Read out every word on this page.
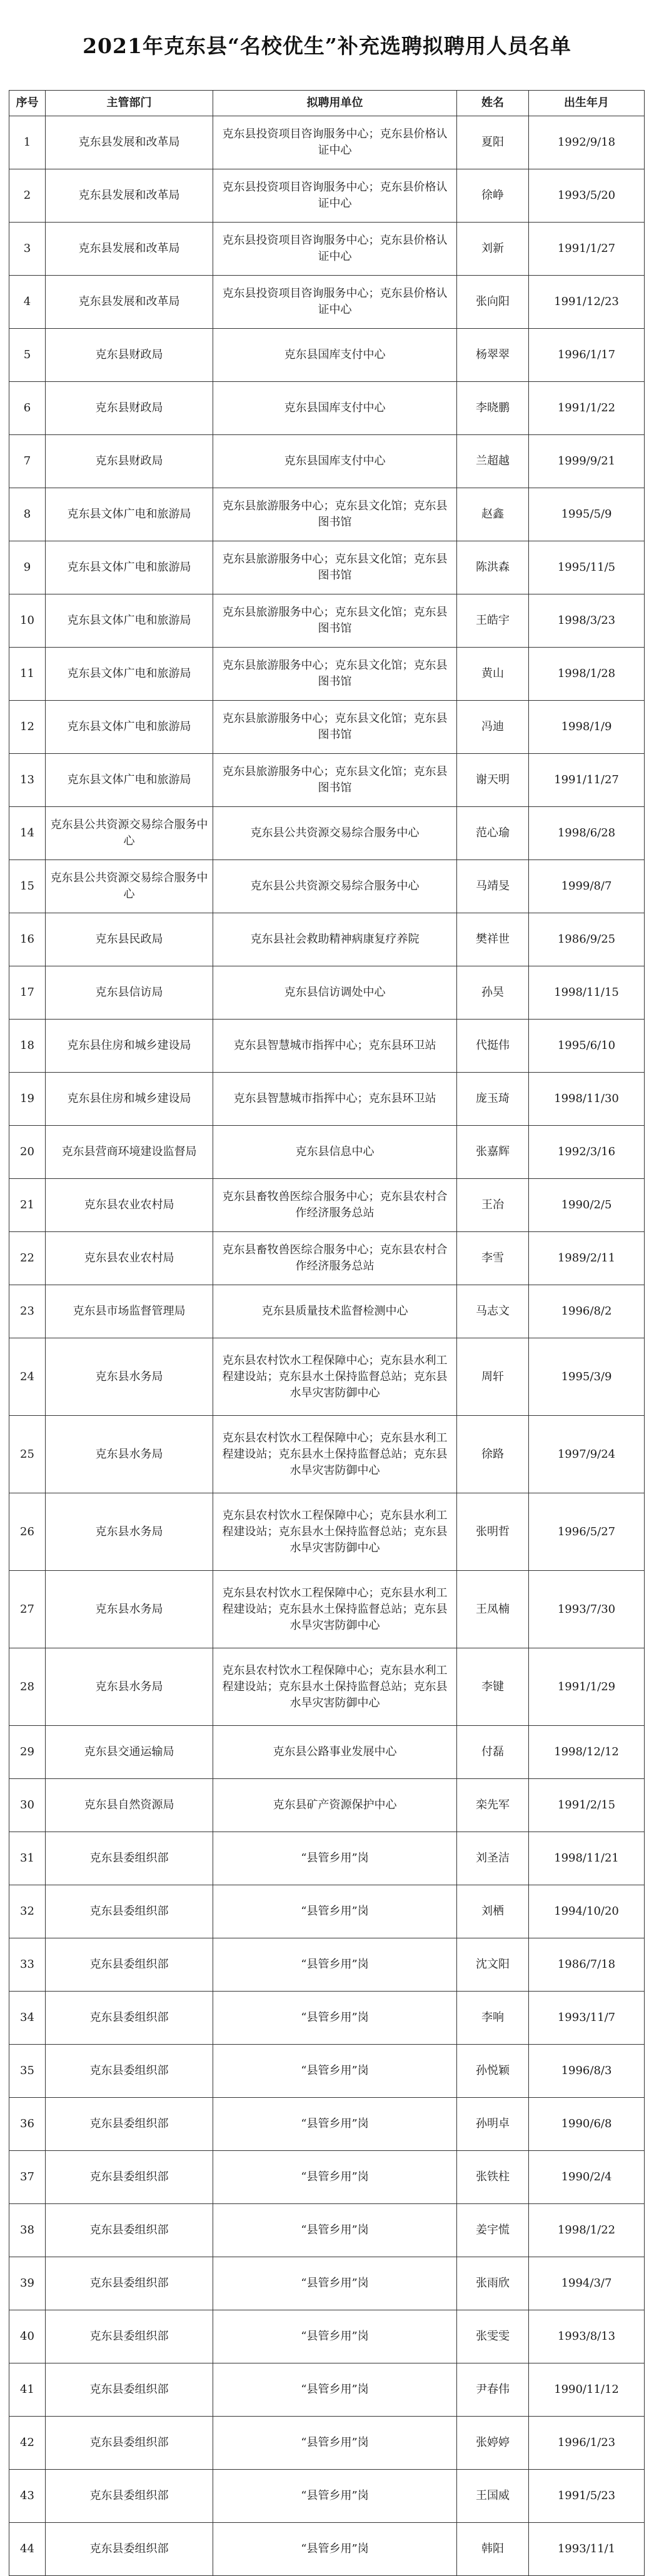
2021年克东县“名校优生”补充选聘拟聘用人员名单
序号	主管部门	拟聘用单位	姓名	出生年月
1	克东县发展和改革局	克东县投资项目咨询服务中心；克东县价格认证中心	夏阳	1992/9/18
2	克东县发展和改革局	克东县投资项目咨询服务中心；克东县价格认证中心	徐峥	1993/5/20
3	克东县发展和改革局	克东县投资项目咨询服务中心；克东县价格认证中心	刘新	1991/1/27
4	克东县发展和改革局	克东县投资项目咨询服务中心；克东县价格认证中心	张向阳	1991/12/23
5	克东县财政局	克东县国库支付中心	杨翠翠	1996/1/17
6	克东县财政局	克东县国库支付中心	李晓鹏	1991/1/22
7	克东县财政局	克东县国库支付中心	兰超越	1999/9/21
8	克东县文体广电和旅游局	克东县旅游服务中心；克东县文化馆；克东县图书馆	赵鑫	1995/5/9
9	克东县文体广电和旅游局	克东县旅游服务中心；克东县文化馆；克东县图书馆	陈洪森	1995/11/5
10	克东县文体广电和旅游局	克东县旅游服务中心；克东县文化馆；克东县图书馆	王皓宇	1998/3/23
11	克东县文体广电和旅游局	克东县旅游服务中心；克东县文化馆；克东县图书馆	黄山	1998/1/28
12	克东县文体广电和旅游局	克东县旅游服务中心；克东县文化馆；克东县图书馆	冯迪	1998/1/9
13	克东县文体广电和旅游局	克东县旅游服务中心；克东县文化馆；克东县图书馆	谢天明	1991/11/27
14	克东县公共资源交易综合服务中心	克东县公共资源交易综合服务中心	范心瑜	1998/6/28
15	克东县公共资源交易综合服务中心	克东县公共资源交易综合服务中心	马靖旻	1999/8/7
16	克东县民政局	克东县社会救助精神病康复疗养院	樊祥世	1986/9/25
17	克东县信访局	克东县信访调处中心	孙昊	1998/11/15
18	克东县住房和城乡建设局	克东县智慧城市指挥中心；克东县环卫站	代挺伟	1995/6/10
19	克东县住房和城乡建设局	克东县智慧城市指挥中心；克东县环卫站	庞玉琦	1998/11/30
20	克东县营商环境建设监督局	克东县信息中心	张嘉辉	1992/3/16
21	克东县农业农村局	克东县畜牧兽医综合服务中心；克东县农村合作经济服务总站	王冶	1990/2/5
22	克东县农业农村局	克东县畜牧兽医综合服务中心；克东县农村合作经济服务总站	李雪	1989/2/11
23	克东县市场监督管理局	克东县质量技术监督检测中心	马志文	1996/8/2
24	克东县水务局	克东县农村饮水工程保障中心；克东县水利工程建设站；克东县水土保持监督总站；克东县水旱灾害防御中心	周轩	1995/3/9
25	克东县水务局	克东县农村饮水工程保障中心；克东县水利工程建设站；克东县水土保持监督总站；克东县水旱灾害防御中心	徐路	1997/9/24
26	克东县水务局	克东县农村饮水工程保障中心；克东县水利工程建设站；克东县水土保持监督总站；克东县水旱灾害防御中心	张明哲	1996/5/27
27	克东县水务局	克东县农村饮水工程保障中心；克东县水利工程建设站；克东县水土保持监督总站；克东县水旱灾害防御中心	王凤楠	1993/7/30
28	克东县水务局	克东县农村饮水工程保障中心；克东县水利工程建设站；克东县水土保持监督总站；克东县水旱灾害防御中心	李键	1991/1/29
29	克东县交通运输局	克东县公路事业发展中心	付磊	1998/12/12
30	克东县自然资源局	克东县矿产资源保护中心	栾先军	1991/2/15
31	克东县委组织部	“县管乡用”岗	刘圣洁	1998/11/21
32	克东县委组织部	“县管乡用”岗	刘栖	1994/10/20
33	克东县委组织部	“县管乡用”岗	沈文阳	1986/7/18
34	克东县委组织部	“县管乡用”岗	李响	1993/11/7
35	克东县委组织部	“县管乡用”岗	孙悦颖	1996/8/3
36	克东县委组织部	“县管乡用”岗	孙明卓	1990/6/8
37	克东县委组织部	“县管乡用”岗	张铁柱	1990/2/4
38	克东县委组织部	“县管乡用”岗	姜宇慌	1998/1/22
39	克东县委组织部	“县管乡用”岗	张雨欣	1994/3/7
40	克东县委组织部	“县管乡用”岗	张雯雯	1993/8/13
41	克东县委组织部	“县管乡用”岗	尹春伟	1990/11/12
42	克东县委组织部	“县管乡用”岗	张婷婷	1996/1/23
43	克东县委组织部	“县管乡用”岗	王国威	1991/5/23
44	克东县委组织部	“县管乡用”岗	韩阳	1993/11/1
